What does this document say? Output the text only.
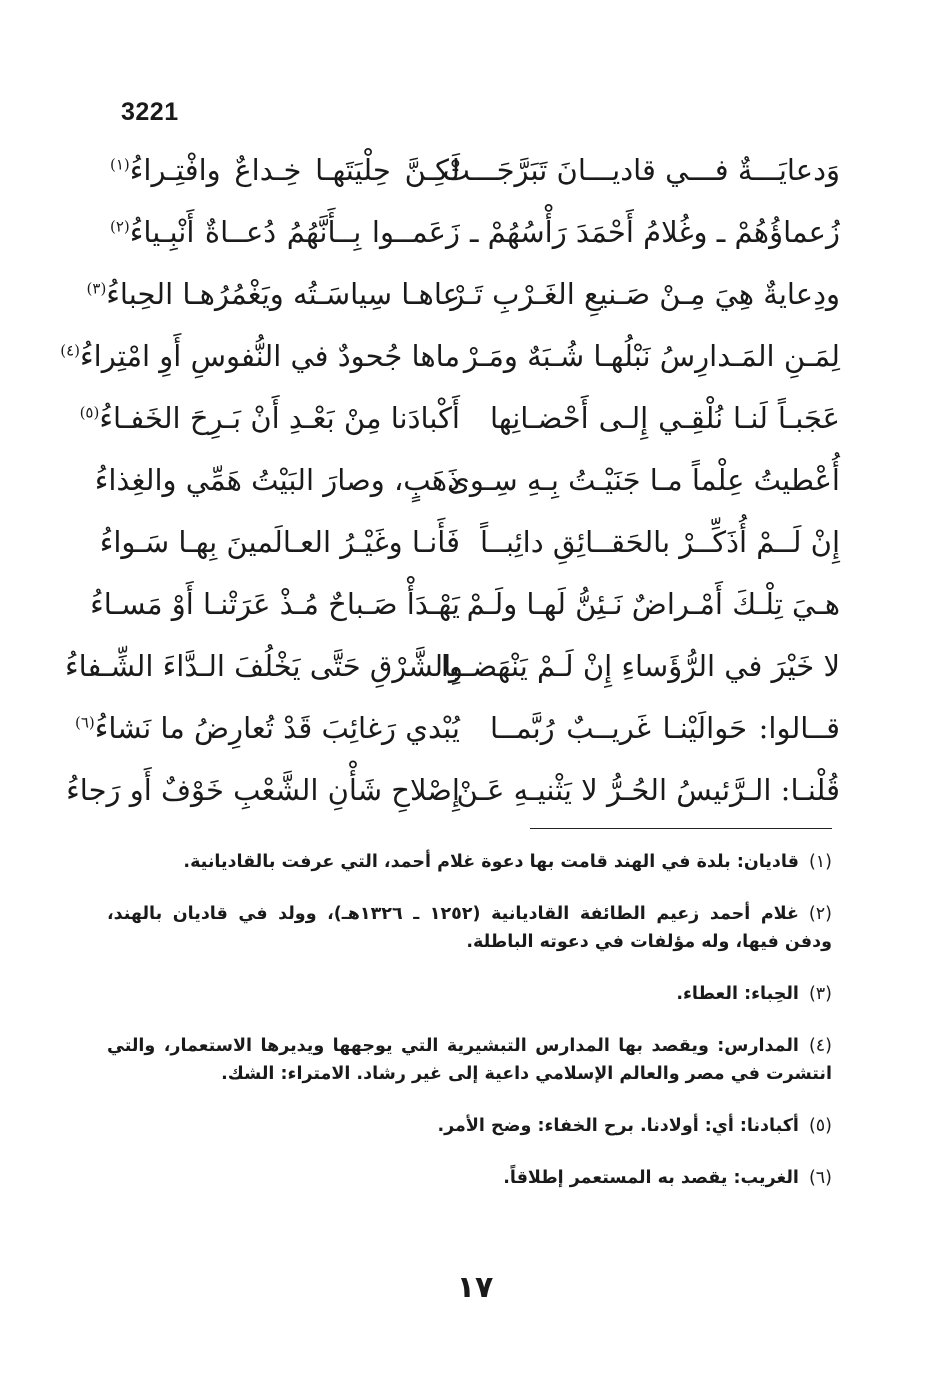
3221
وَدعايَـــةٌ فـــي قاديـــانَ تَبَرَّجَـــتْ
لَكِـنَّ حِلْيَتَهـا خِـداعٌ وافْتِـراءُ$^{(١)}$
زُعماؤُهُمْ ـ وغُلامُ أَحْمَدَ رَأْسُهُمْ ـ
زَعَمــوا بِــأَنَّهُمُ دُعــاةٌ أَنْبِـياءُ$^{(٢)}$
ودِعايةٌ هِيَ مِـنْ صَـنيعِ الغَـرْبِ تَـرْ
عاهـا سِياسَـتُه ويَغْمُرُهـا الحِباءُ$^{(٣)}$
لِمَـنِ المَـدارِسُ نَبْلُهـا شُـبَهٌ ومَـرْ
ماها جُحودٌ في النُّفوسِ أَوِ امْتِراءُ$^{(٤)}$
عَجَبـاً لَنـا نُلْقِـي إِلـى أَحْضـانِها
أَكْبادَنا مِنْ بَعْـدِ أَنْ بَـرِحَ الخَفـاءُ$^{(٥)}$
أُعْطيتُ عِلْماً مـا جَنَيْـتُ بِـهِ سِـوى
ذَهَبٍ، وصارَ البَيْتُ هَمِّي والغِذاءُ
إِنْ لَــمْ أُذَكِّــرْ بالحَقــائِقِ دائِبــاً
فَأَنـا وغَيْـرُ العـالَمينَ بِهـا سَـواءُ
هـيَ تِلْـكَ أَمْـراضٌ نَـئِنُّ لَهـا ولَـمْ
يَهْـدَأْ صَـباحٌ مُـذْ عَرَتْنـا أَوْ مَسـاءُ
لا خَيْرَ في الرُّؤَساءِ إِنْ لَـمْ يَنْهَضـوا
بِالشَّرْقِ حَتَّى يَخْلُفَ الـدَّاءَ الشِّـفاءُ
قــالوا: حَوالَيْنـا غَريــبٌ رُبَّمــا
يُبْدي رَغائِبَ قَدْ تُعارِضُ ما نَشاءُ$^{(٦)}$
قُلْنـا: الـرَّئيسُ الحُـرُّ لا يَثْنيـهِ عَـنْ
إِصْلاحِ شَأْنِ الشَّعْبِ خَوْفٌ أَو رَجاءُ

(١)قاديان: بلدة في الهند قامت بها دعوة غلام أحمد، التي عرفت بالقاديانية.

(٢)غلام أحمد زعيم الطائفة القاديانية (١٢٥٢ ـ ١٣٢٦هـ)، وولد في قاديان بالهند، ودفن فيها، وله مؤلفات في دعوته الباطلة.

(٣)الحِباء: العطاء.

(٤)المدارس: ويقصد بها المدارس التبشيرية التي يوجهها ويديرها الاستعمار، والتي انتشرت في مصر والعالم الإسلامي داعية إلى غير رشاد. الامتراء: الشك.

(٥)أكبادنا: أي: أولادنا. برح الخفاء: وضح الأمر.

(٦)الغريب: يقصد به المستعمر إطلاقاً.

١٧
